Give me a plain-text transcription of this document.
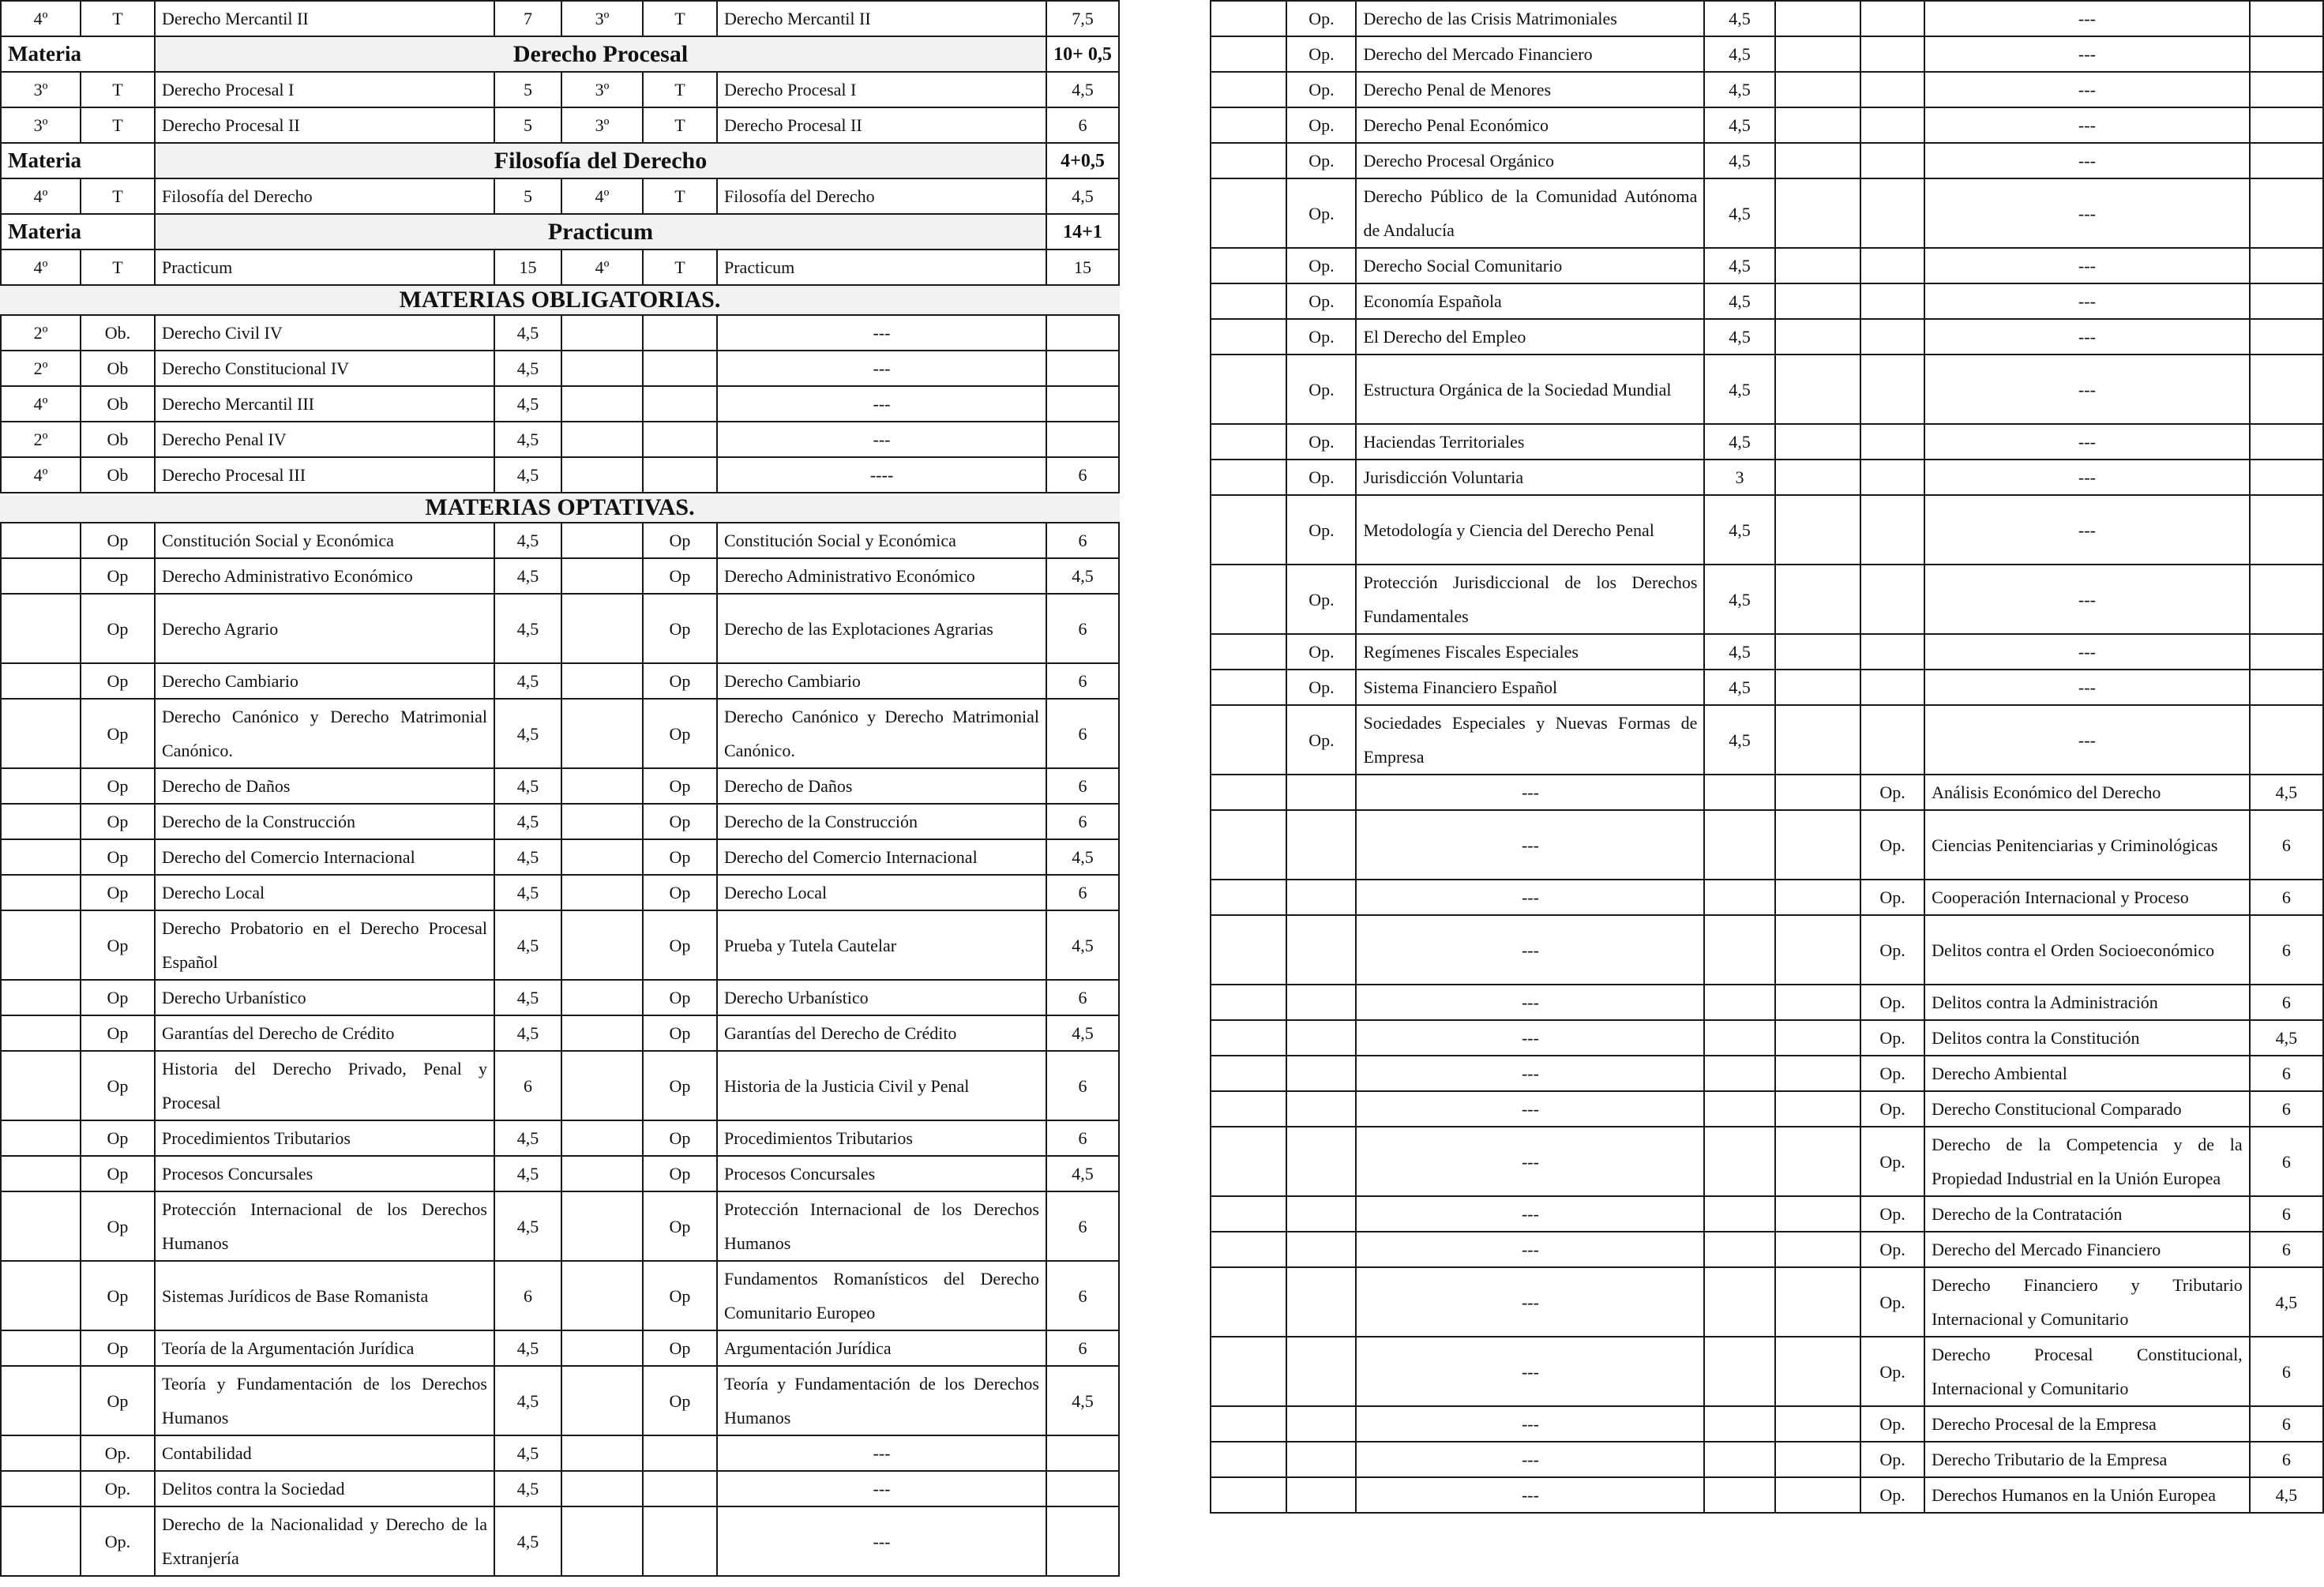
4º	T	Derecho Mercantil II	7	3º	T	Derecho Mercantil II	7,5
Materia		Derecho Procesal					10+ 0,5
3º	T	Derecho Procesal I	5	3º	T	Derecho Procesal I	4,5
3º	T	Derecho Procesal II	5	3º	T	Derecho Procesal II	6
Materia		Filosofía del Derecho					4+0,5
4º	T	Filosofía del Derecho	5	4º	T	Filosofía del Derecho	4,5
Materia		Practicum					14+1
4º	T	Practicum	15	4º	T	Practicum	15
MATERIAS OBLIGATORIAS.							
2º	Ob.	Derecho Civil IV	4,5			---	
2º	Ob	Derecho Constitucional IV	4,5			---	
4º	Ob	Derecho Mercantil III	4,5			---	
2º	Ob	Derecho Penal IV	4,5			---	
4º	Ob	Derecho Procesal III	4,5			----	6
MATERIAS OPTATIVAS.							
	Op	Constitución Social y Económica	4,5		Op	Constitución Social y Económica	6
	Op	Derecho Administrativo Económico	4,5		Op	Derecho Administrativo Económico	4,5
	Op	Derecho Agrario	4,5		Op	Derecho de las Explotaciones Agrarias	6
	Op	Derecho Cambiario	4,5		Op	Derecho Cambiario	6
	Op	Derecho Canónico y Derecho Matrimonial Canónico.	4,5		Op	Derecho Canónico y Derecho Matrimonial Canónico.	6
	Op	Derecho de Daños	4,5		Op	Derecho de Daños	6
	Op	Derecho de la Construcción	4,5		Op	Derecho de la Construcción	6
	Op	Derecho del Comercio Internacional	4,5		Op	Derecho del Comercio Internacional	4,5
	Op	Derecho Local	4,5		Op	Derecho Local	6
	Op	Derecho Probatorio en el Derecho Procesal Español	4,5		Op	Prueba y Tutela Cautelar	4,5
	Op	Derecho Urbanístico	4,5		Op	Derecho Urbanístico	6
	Op	Garantías del Derecho de Crédito	4,5		Op	Garantías del Derecho de Crédito	4,5
	Op	Historia del Derecho Privado, Penal y Procesal	6		Op	Historia de la Justicia Civil y Penal	6
	Op	Procedimientos Tributarios	4,5		Op	Procedimientos Tributarios	6
	Op	Procesos Concursales	4,5		Op	Procesos Concursales	4,5
	Op	Protección Internacional de los Derechos Humanos	4,5		Op	Protección Internacional de los Derechos Humanos	6
	Op	Sistemas Jurídicos de Base Romanista	6		Op	Fundamentos Romanísticos del Derecho Comunitario Europeo	6
	Op	Teoría de la Argumentación Jurídica	4,5		Op	Argumentación Jurídica	6
	Op	Teoría y Fundamentación de los Derechos Humanos	4,5		Op	Teoría y Fundamentación de los Derechos Humanos	4,5
	Op.	Contabilidad	4,5			---	
	Op.	Delitos contra la Sociedad	4,5			---	
	Op.	Derecho de la Nacionalidad y Derecho de la Extranjería	4,5			---	
	Op.	Derecho de las Crisis Matrimoniales	4,5			---	
	Op.	Derecho del Mercado Financiero	4,5			---	
	Op.	Derecho Penal de Menores	4,5			---	
	Op.	Derecho Penal Económico	4,5			---	
	Op.	Derecho Procesal Orgánico	4,5			---	
	Op.	Derecho Público de la Comunidad Autónoma de Andalucía	4,5			---	
	Op.	Derecho Social Comunitario	4,5			---	
	Op.	Economía Española	4,5			---	
	Op.	El Derecho del Empleo	4,5			---	
	Op.	Estructura Orgánica de la Sociedad Mundial	4,5			---	
	Op.	Haciendas Territoriales	4,5			---	
	Op.	Jurisdicción Voluntaria	3			---	
	Op.	Metodología y Ciencia del Derecho Penal	4,5			---	
	Op.	Protección Jurisdiccional de los Derechos Fundamentales	4,5			---	
	Op.	Regímenes Fiscales Especiales	4,5			---	
	Op.	Sistema Financiero Español	4,5			---	
	Op.	Sociedades Especiales y Nuevas Formas de Empresa	4,5			---	
		---			Op.	Análisis Económico del Derecho	4,5
		---			Op.	Ciencias Penitenciarias y Criminológicas	6
		---			Op.	Cooperación Internacional y Proceso	6
		---			Op.	Delitos contra el Orden Socioeconómico	6
		---			Op.	Delitos contra la Administración	6
		---			Op.	Delitos contra la Constitución	4,5
		---			Op.	Derecho Ambiental	6
		---			Op.	Derecho Constitucional Comparado	6
		---			Op.	Derecho de la Competencia y de la Propiedad Industrial en la Unión Europea	6
		---			Op.	Derecho de la Contratación	6
		---			Op.	Derecho del Mercado Financiero	6
		---			Op.	Derecho Financiero y Tributario Internacional y Comunitario	4,5
		---			Op.	Derecho Procesal Constitucional, Internacional y Comunitario	6
		---			Op.	Derecho Procesal de la Empresa	6
		---			Op.	Derecho Tributario de la Empresa	6
		---			Op.	Derechos Humanos en la Unión Europea	4,5
